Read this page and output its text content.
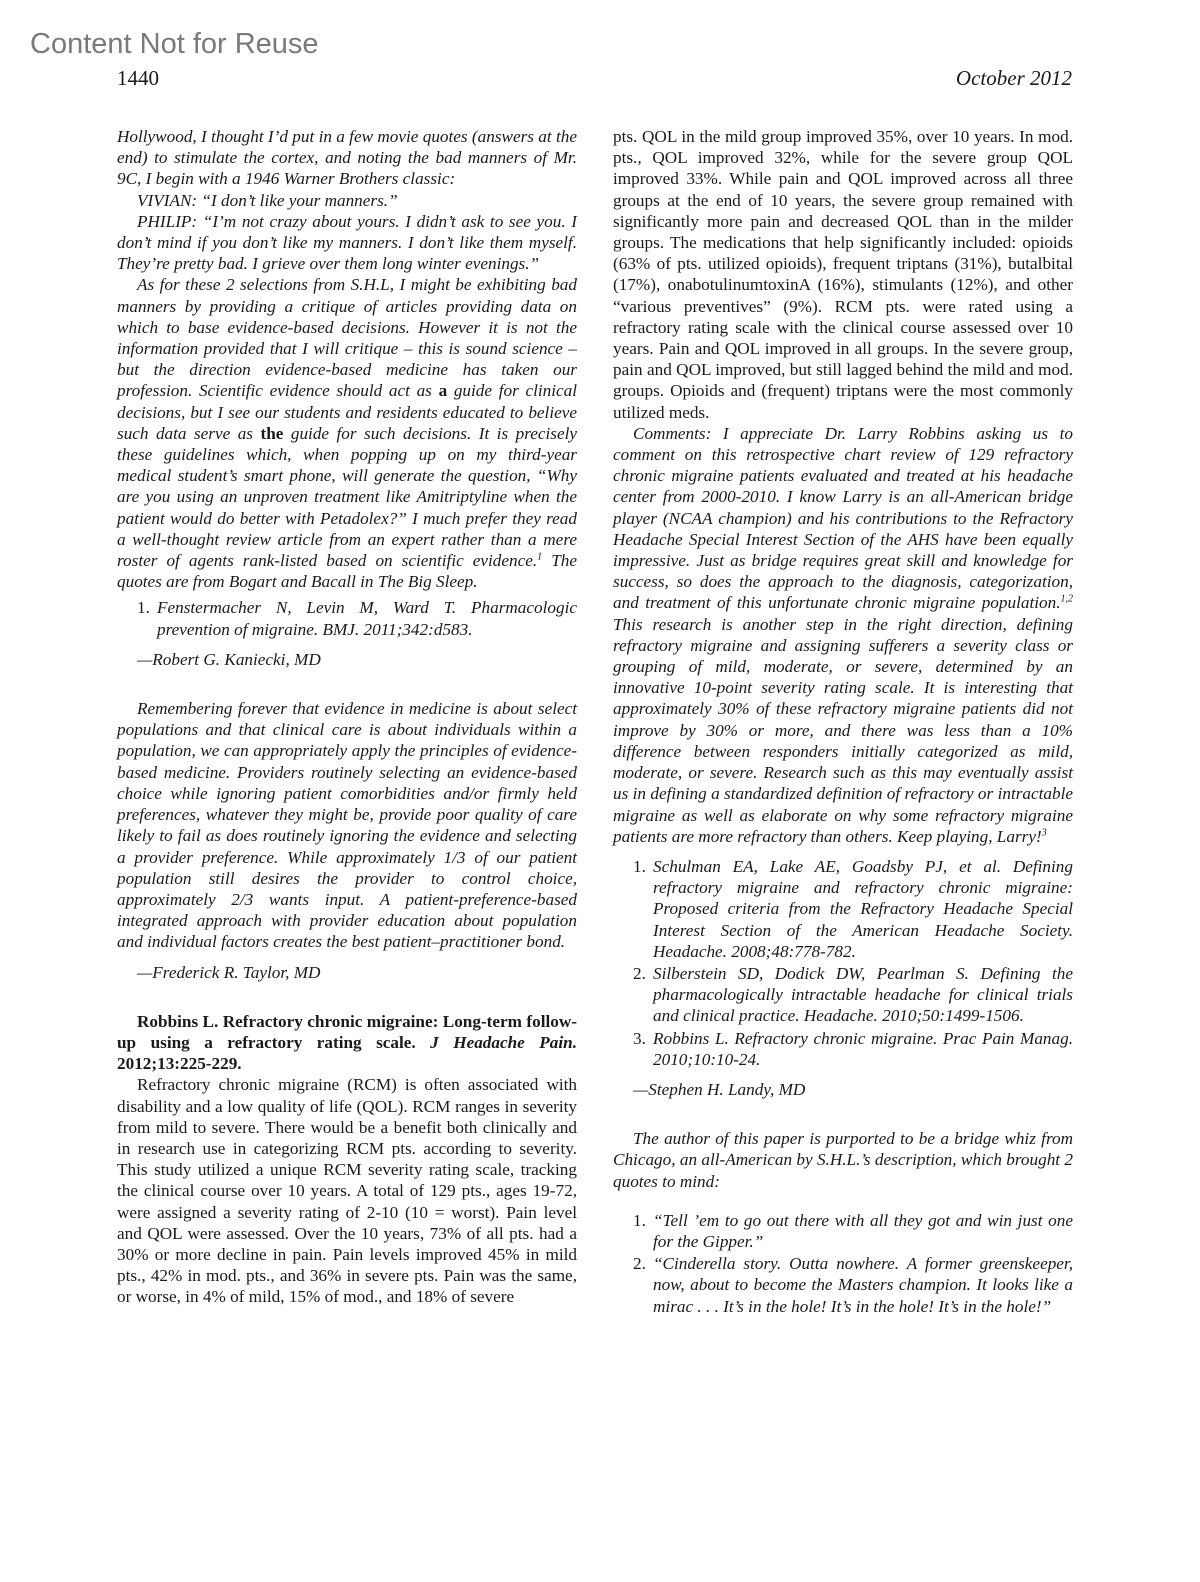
Content Not for Reuse
1440	October 2012

Hollywood, I thought I’d put in a few movie quotes (answers at the end) to stimulate the cortex, and noting the bad manners of Mr. 9C, I begin with a 1946 Warner Brothers classic:

VIVIAN: “I don’t like your manners.”

PHILIP: “I’m not crazy about yours. I didn’t ask to see you. I don’t mind if you don’t like my manners. I don’t like them myself. They’re pretty bad. I grieve over them long winter evenings.”

As for these 2 selections from S.H.L, I might be exhibiting bad manners by providing a critique of articles providing data on which to base evidence-based decisions. However it is not the information provided that I will critique – this is sound science – but the direction evidence-based medicine has taken our profession. Scientific evidence should act as a guide for clinical decisions, but I see our students and residents educated to believe such data serve as the guide for such decisions. It is precisely these guidelines which, when popping up on my third-year medical student’s smart phone, will generate the question, “Why are you using an unproven treatment like Amitriptyline when the patient would do better with Petadolex?” I much prefer they read a well-thought review article from an expert rather than a mere roster of agents rank-listed based on scientific evidence.$^1$ The quotes are from Bogart and Bacall in The Big Sleep.

1. Fenstermacher N, Levin M, Ward T. Pharmacologic prevention of migraine. BMJ. 2011;342:d583.

—Robert G. Kaniecki, MD

Remembering forever that evidence in medicine is about select populations and that clinical care is about individuals within a population, we can appropriately apply the principles of evidence-based medicine. Providers routinely selecting an evidence-based choice while ignoring patient comorbidities and/or firmly held preferences, whatever they might be, provide poor quality of care likely to fail as does routinely ignoring the evidence and selecting a provider preference. While approximately 1/3 of our patient population still desires the provider to control choice, approximately 2/3 wants input. A patient-preference-based integrated approach with provider education about population and individual factors creates the best patient–practitioner bond.

—Frederick R. Taylor, MD

Robbins L. Refractory chronic migraine: Long-term follow-up using a refractory rating scale. J Headache Pain. 2012;13:225-229.

Refractory chronic migraine (RCM) is often associated with disability and a low quality of life (QOL). RCM ranges in severity from mild to severe. There would be a benefit both clinically and in research use in categorizing RCM pts. according to severity. This study utilized a unique RCM severity rating scale, tracking the clinical course over 10 years. A total of 129 pts., ages 19-72, were assigned a severity rating of 2-10 (10 = worst). Pain level and QOL were assessed. Over the 10 years, 73% of all pts. had a 30% or more decline in pain. Pain levels improved 45% in mild pts., 42% in mod. pts., and 36% in severe pts. Pain was the same, or worse, in 4% of mild, 15% of mod., and 18% of severe

pts. QOL in the mild group improved 35%, over 10 years. In mod. pts., QOL improved 32%, while for the severe group QOL improved 33%. While pain and QOL improved across all three groups at the end of 10 years, the severe group remained with significantly more pain and decreased QOL than in the milder groups. The medications that help significantly included: opioids (63% of pts. utilized opioids), frequent triptans (31%), butalbital (17%), onabotulinumtoxinA (16%), stimulants (12%), and other “various preventives” (9%). RCM pts. were rated using a refractory rating scale with the clinical course assessed over 10 years. Pain and QOL improved in all groups. In the severe group, pain and QOL improved, but still lagged behind the mild and mod. groups. Opioids and (frequent) triptans were the most commonly utilized meds.

Comments: I appreciate Dr. Larry Robbins asking us to comment on this retrospective chart review of 129 refractory chronic migraine patients evaluated and treated at his headache center from 2000-2010. I know Larry is an all-American bridge player (NCAA champion) and his contributions to the Refractory Headache Special Interest Section of the AHS have been equally impressive. Just as bridge requires great skill and knowledge for success, so does the approach to the diagnosis, categorization, and treatment of this unfortunate chronic migraine population.$^{1,2}$ This research is another step in the right direction, defining refractory migraine and assigning sufferers a severity class or grouping of mild, moderate, or severe, determined by an innovative 10-point severity rating scale. It is interesting that approximately 30% of these refractory migraine patients did not improve by 30% or more, and there was less than a 10% difference between responders initially categorized as mild, moderate, or severe. Research such as this may eventually assist us in defining a standardized definition of refractory or intractable migraine as well as elaborate on why some refractory migraine patients are more refractory than others. Keep playing, Larry!$^3$

1. Schulman EA, Lake AE, Goadsby PJ, et al. Defining refractory migraine and refractory chronic migraine: Proposed criteria from the Refractory Headache Special Interest Section of the American Headache Society. Headache. 2008;48:778-782.
2. Silberstein SD, Dodick DW, Pearlman S. Defining the pharmacologically intractable headache for clinical trials and clinical practice. Headache. 2010;50:1499-1506.
3. Robbins L. Refractory chronic migraine. Prac Pain Manag. 2010;10:10-24.

—Stephen H. Landy, MD

The author of this paper is purported to be a bridge whiz from Chicago, an all-American by S.H.L.’s description, which brought 2 quotes to mind:

1. “Tell ’em to go out there with all they got and win just one for the Gipper.”
2. “Cinderella story. Outta nowhere. A former greenskeeper, now, about to become the Masters champion. It looks like a mirac . . . It’s in the hole! It’s in the hole! It’s in the hole!”
